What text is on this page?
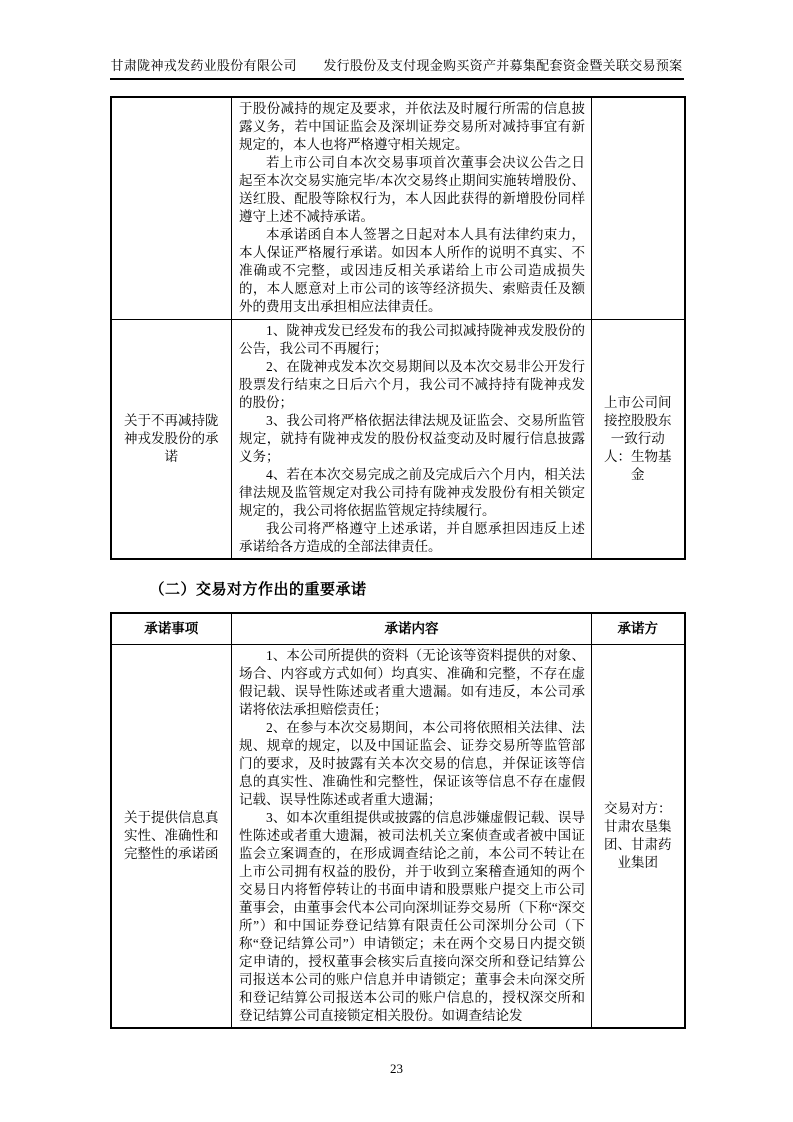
甘肃陇神戎发药业股份有限公司　　发行股份及支付现金购买资产并募集配套资金暨关联交易预案

	于股份减持的规定及要求，并依法及时履行所需的信息披露义务，若中国证监会及深圳证券交易所对减持事宜有新规定的，本人也将严格遵守相关规定。

若上市公司自本次交易事项首次董事会决议公告之日起至本次交易实施完毕/本次交易终止期间实施转增股份、送红股、配股等除权行为，本人因此获得的新增股份同样遵守上述不减持承诺。

本承诺函自本人签署之日起对本人具有法律约束力，本人保证严格履行承诺。如因本人所作的说明不真实、不准确或不完整，或因违反相关承诺给上市公司造成损失的，本人愿意对上市公司的该等经济损失、索赔责任及额外的费用支出承担相应法律责任。	

关于不再减持陇神戎发股份的承诺	1、陇神戎发已经发布的我公司拟减持陇神戎发股份的公告，我公司不再履行；

2、在陇神戎发本次交易期间以及本次交易非公开发行股票发行结束之日后六个月，我公司不减持持有陇神戎发的股份；

3、我公司将严格依据法律法规及证监会、交易所监管规定，就持有陇神戎发的股份权益变动及时履行信息披露义务；

4、若在本次交易完成之前及完成后六个月内，相关法律法规及监管规定对我公司持有陇神戎发股份有相关锁定规定的，我公司将依据监管规定持续履行。

我公司将严格遵守上述承诺，并自愿承担因违反上述承诺给各方造成的全部法律责任。	上市公司间接控股股东一致行动人：生物基金
（二）交易对方作出的重要承诺
承诺事项	承诺内容	承诺方
关于提供信息真实性、准确性和完整性的承诺函	1、本公司所提供的资料（无论该等资料提供的对象、场合、内容或方式如何）均真实、准确和完整，不存在虚假记载、误导性陈述或者重大遗漏。如有违反，本公司承诺将依法承担赔偿责任；

2、在参与本次交易期间，本公司将依照相关法律、法规、规章的规定，以及中国证监会、证券交易所等监管部门的要求，及时披露有关本次交易的信息，并保证该等信息的真实性、准确性和完整性，保证该等信息不存在虚假记载、误导性陈述或者重大遗漏；

3、如本次重组提供或披露的信息涉嫌虚假记载、误导性陈述或者重大遗漏，被司法机关立案侦查或者被中国证监会立案调查的，在形成调查结论之前，本公司不转让在上市公司拥有权益的股份，并于收到立案稽查通知的两个交易日内将暂停转让的书面申请和股票账户提交上市公司董事会，由董事会代本公司向深圳证券交易所（下称“深交所”）和中国证券登记结算有限责任公司深圳分公司（下称“登记结算公司”）申请锁定；未在两个交易日内提交锁定申请的，授权董事会核实后直接向深交所和登记结算公司报送本公司的账户信息并申请锁定；董事会未向深交所和登记结算公司报送本公司的账户信息的，授权深交所和登记结算公司直接锁定相关股份。如调查结论发	交易对方：甘肃农垦集团、甘肃药业集团
23
